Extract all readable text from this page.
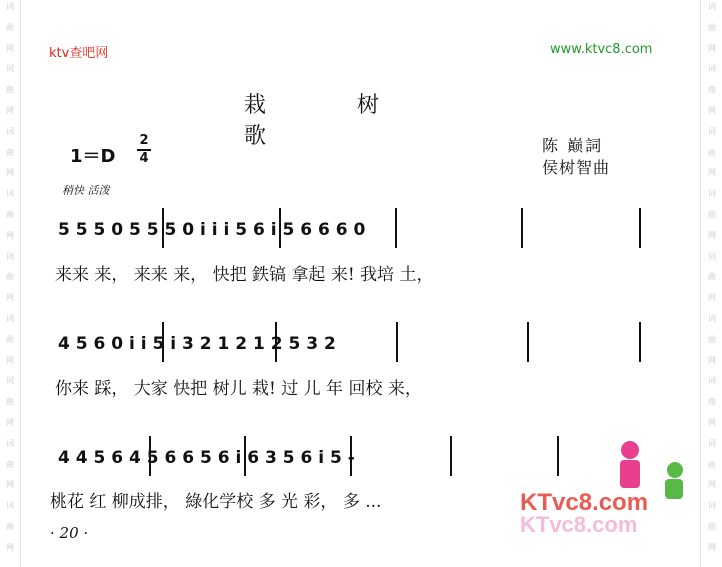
词
曲
网
词
曲
网
词
曲
网
词
曲
网
词
曲
网
词
曲
网
词
曲
网
词
曲
网
词
曲
网
词
曲
网
词
曲
网
词
曲
网
词
曲
网
词
曲
网
词
曲
网
词
曲
网
词
曲
网
词
曲
网
ktv查吧网	www.ktvc8.com
栽 树 歌
1＝D
2
4
陈 巅詞
侯树智曲
稍快 活泼
5 5 5 0 5 5 5 0 i i i 5 6 i 5 6 6 6 0
来来 来， 来来 来， 快把 鉄镐 拿起 来! 我培 土，
4 5 6 0 i i 5 i 3 2 1 2 1 2 5 3 2
你来 踩， 大家 快把 树儿 栽! 过 儿 年 回校 来，
4 4 5 6 4 5 6 6 5 6 i 6 3 5 6 i 5 -
桃花 红 柳成排， 綠化学校 多 光 彩， 多 ...
· 20 ·
KTvc8.com
KTvc8.com
